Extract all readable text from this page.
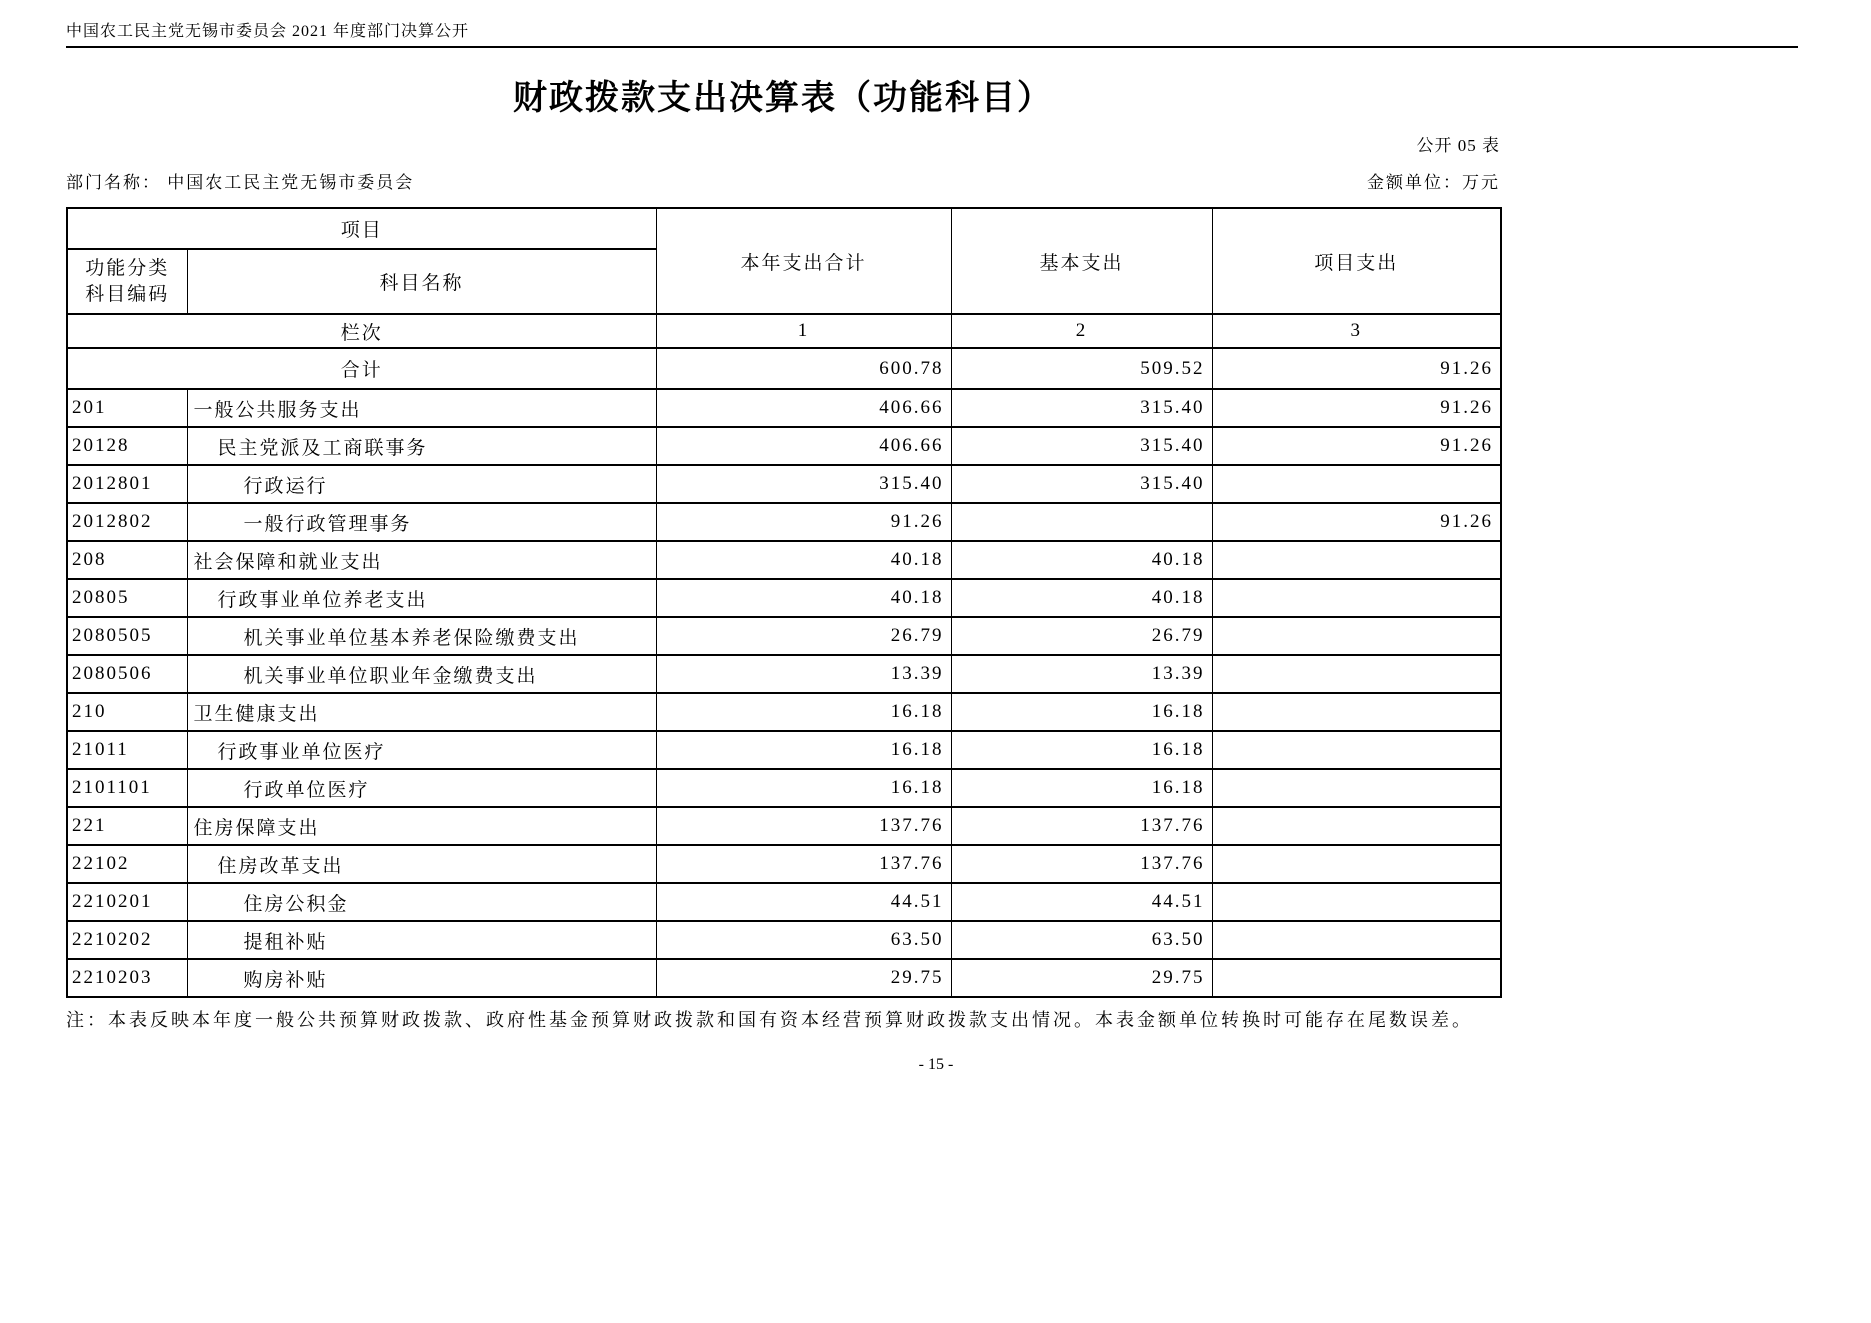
中国农工民主党无锡市委员会 2021 年度部门决算公开
财政拨款支出决算表（功能科目）
公开 05 表
部门名称： 中国农工民主党无锡市委员会	金额单位：万元
项目		本年支出合计	基本支出	项目支出

功能分类
科目编码	科目名称			
栏次		1	2	3
合计		600.78	509.52	91.26
201	一般公共服务支出	406.66	315.40	91.26
20128	民主党派及工商联事务	406.66	315.40	91.26
2012801	行政运行	315.40	315.40	
2012802	一般行政管理事务	91.26		91.26
208	社会保障和就业支出	40.18	40.18	
20805	行政事业单位养老支出	40.18	40.18	
2080505	机关事业单位基本养老保险缴费支出	26.79	26.79	
2080506	机关事业单位职业年金缴费支出	13.39	13.39	
210	卫生健康支出	16.18	16.18	
21011	行政事业单位医疗	16.18	16.18	
2101101	行政单位医疗	16.18	16.18	
221	住房保障支出	137.76	137.76	
22102	住房改革支出	137.76	137.76	
2210201	住房公积金	44.51	44.51	
2210202	提租补贴	63.50	63.50	
2210203	购房补贴	29.75	29.75	
注：本表反映本年度一般公共预算财政拨款、政府性基金预算财政拨款和国有资本经营预算财政拨款支出情况。本表金额单位转换时可能存在尾数误差。
- 15 -
